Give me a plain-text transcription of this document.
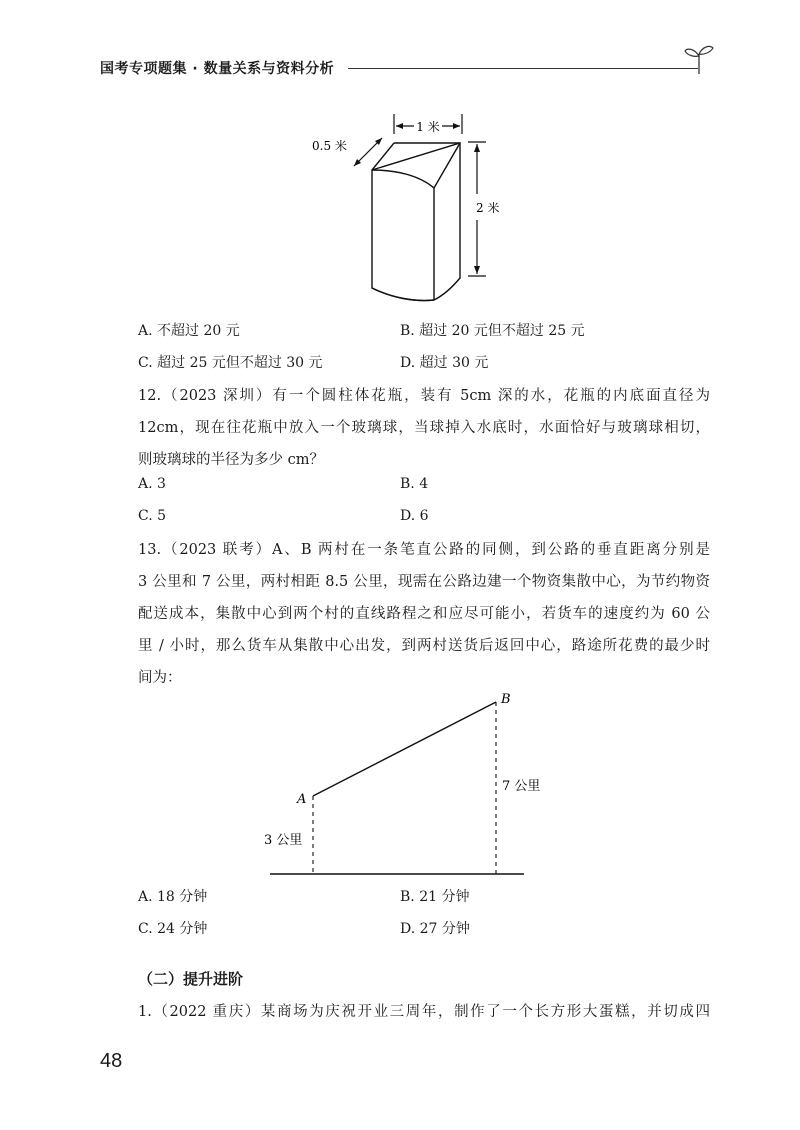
国考专项题集 · 数量关系与资料分析
1 米
0.5 米
2 米
A. 不超过 20 元	B. 超过 20 元但不超过 25 元
C. 超过 25 元但不超过 30 元	D. 超过 30 元
12.（2023 深圳）有一个圆柱体花瓶，装有 5cm 深的水，花瓶的内底面直径为
12cm，现在往花瓶中放入一个玻璃球，当球掉入水底时，水面恰好与玻璃球相切，
则玻璃球的半径为多少 cm？
A. 3	B. 4
C. 5	D. 6
13.（2023 联考）A、B 两村在一条笔直公路的同侧，到公路的垂直距离分别是
3 公里和 7 公里，两村相距 8.5 公里，现需在公路边建一个物资集散中心，为节约物资
配送成本，集散中心到两个村的直线路程之和应尽可能小，若货车的速度约为 60 公
里 / 小时，那么货车从集散中心出发，到两村送货后返回中心，路途所花费的最少时
间为：
A
B
3 公里
7 公里
A. 18 分钟	B. 21 分钟
C. 24 分钟	D. 27 分钟
（二）提升进阶
1.（2022 重庆）某商场为庆祝开业三周年，制作了一个长方形大蛋糕，并切成四
48
